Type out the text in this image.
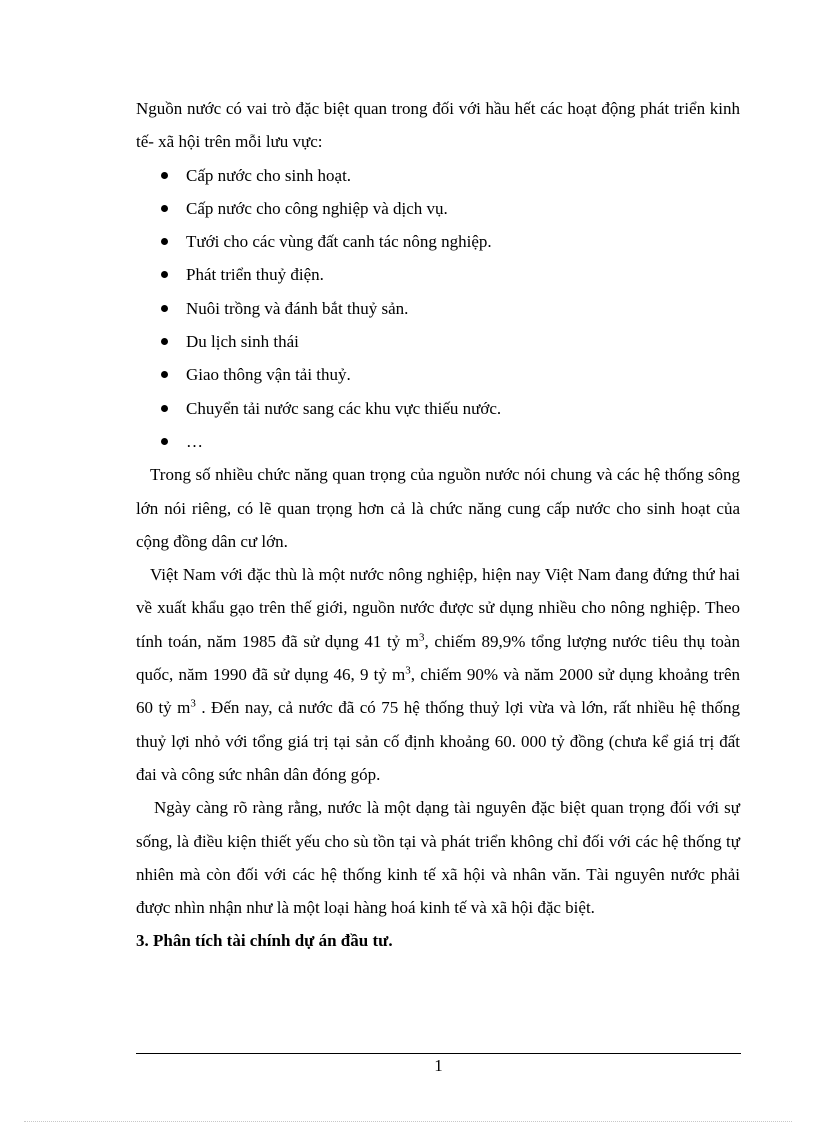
Nguồn nước có vai trò đặc biệt quan trong đối với hầu hết các hoạt động phát triển kinh tế- xã hội trên mỗi lưu vực:

Cấp nước cho sinh hoạt.
Cấp nước cho công nghiệp và dịch vụ.
Tưới cho các vùng đất canh tác nông nghiệp.
Phát triển thuỷ điện.
Nuôi trồng và đánh bắt thuỷ sản.
Du lịch sinh thái
Giao thông vận tải thuỷ.
Chuyển tải nước sang các khu vực thiếu nước.
…

Trong số nhiều chức năng quan trọng của nguồn nước nói chung và các hệ thống sông lớn nói riêng, có lẽ quan trọng hơn cả là chức năng cung cấp nước cho sinh hoạt của cộng đồng dân cư lớn.

Việt Nam với đặc thù là một nước nông nghiệp, hiện nay Việt Nam đang đứng thứ hai về xuất khẩu gạo trên thế giới, nguồn nước được sử dụng nhiều cho nông nghiệp. Theo tính toán, năm 1985 đã sử dụng 41 tỷ $m^3$, chiếm 89,9% tổng lượng nước tiêu thụ toàn quốc, năm 1990 đã sử dụng 46, 9 tỷ $m^3$, chiếm 90% và năm 2000 sử dụng khoảng trên 60 tỷ $m^3$ . Đến nay, cả nước đã có 75 hệ thống thuỷ lợi vừa và lớn, rất nhiều hệ thống thuỷ lợi nhỏ với tổng giá trị tại sản cố định khoảng 60. 000 tỷ đồng (chưa kể giá trị đất đai và công sức nhân dân đóng góp.

Ngày càng rõ ràng rằng, nước là một dạng tài nguyên đặc biệt quan trọng đối với sự sống, là điều kiện thiết yếu cho sù tồn tại và phát triển không chỉ đối với các hệ thống tự nhiên mà còn đối với các hệ thống kinh tế xã hội và nhân văn. Tài nguyên nước phải được nhìn nhận như là một loại hàng hoá kinh tế và xã hội đặc biệt.

3. Phân tích tài chính dự án đầu tư.

1
